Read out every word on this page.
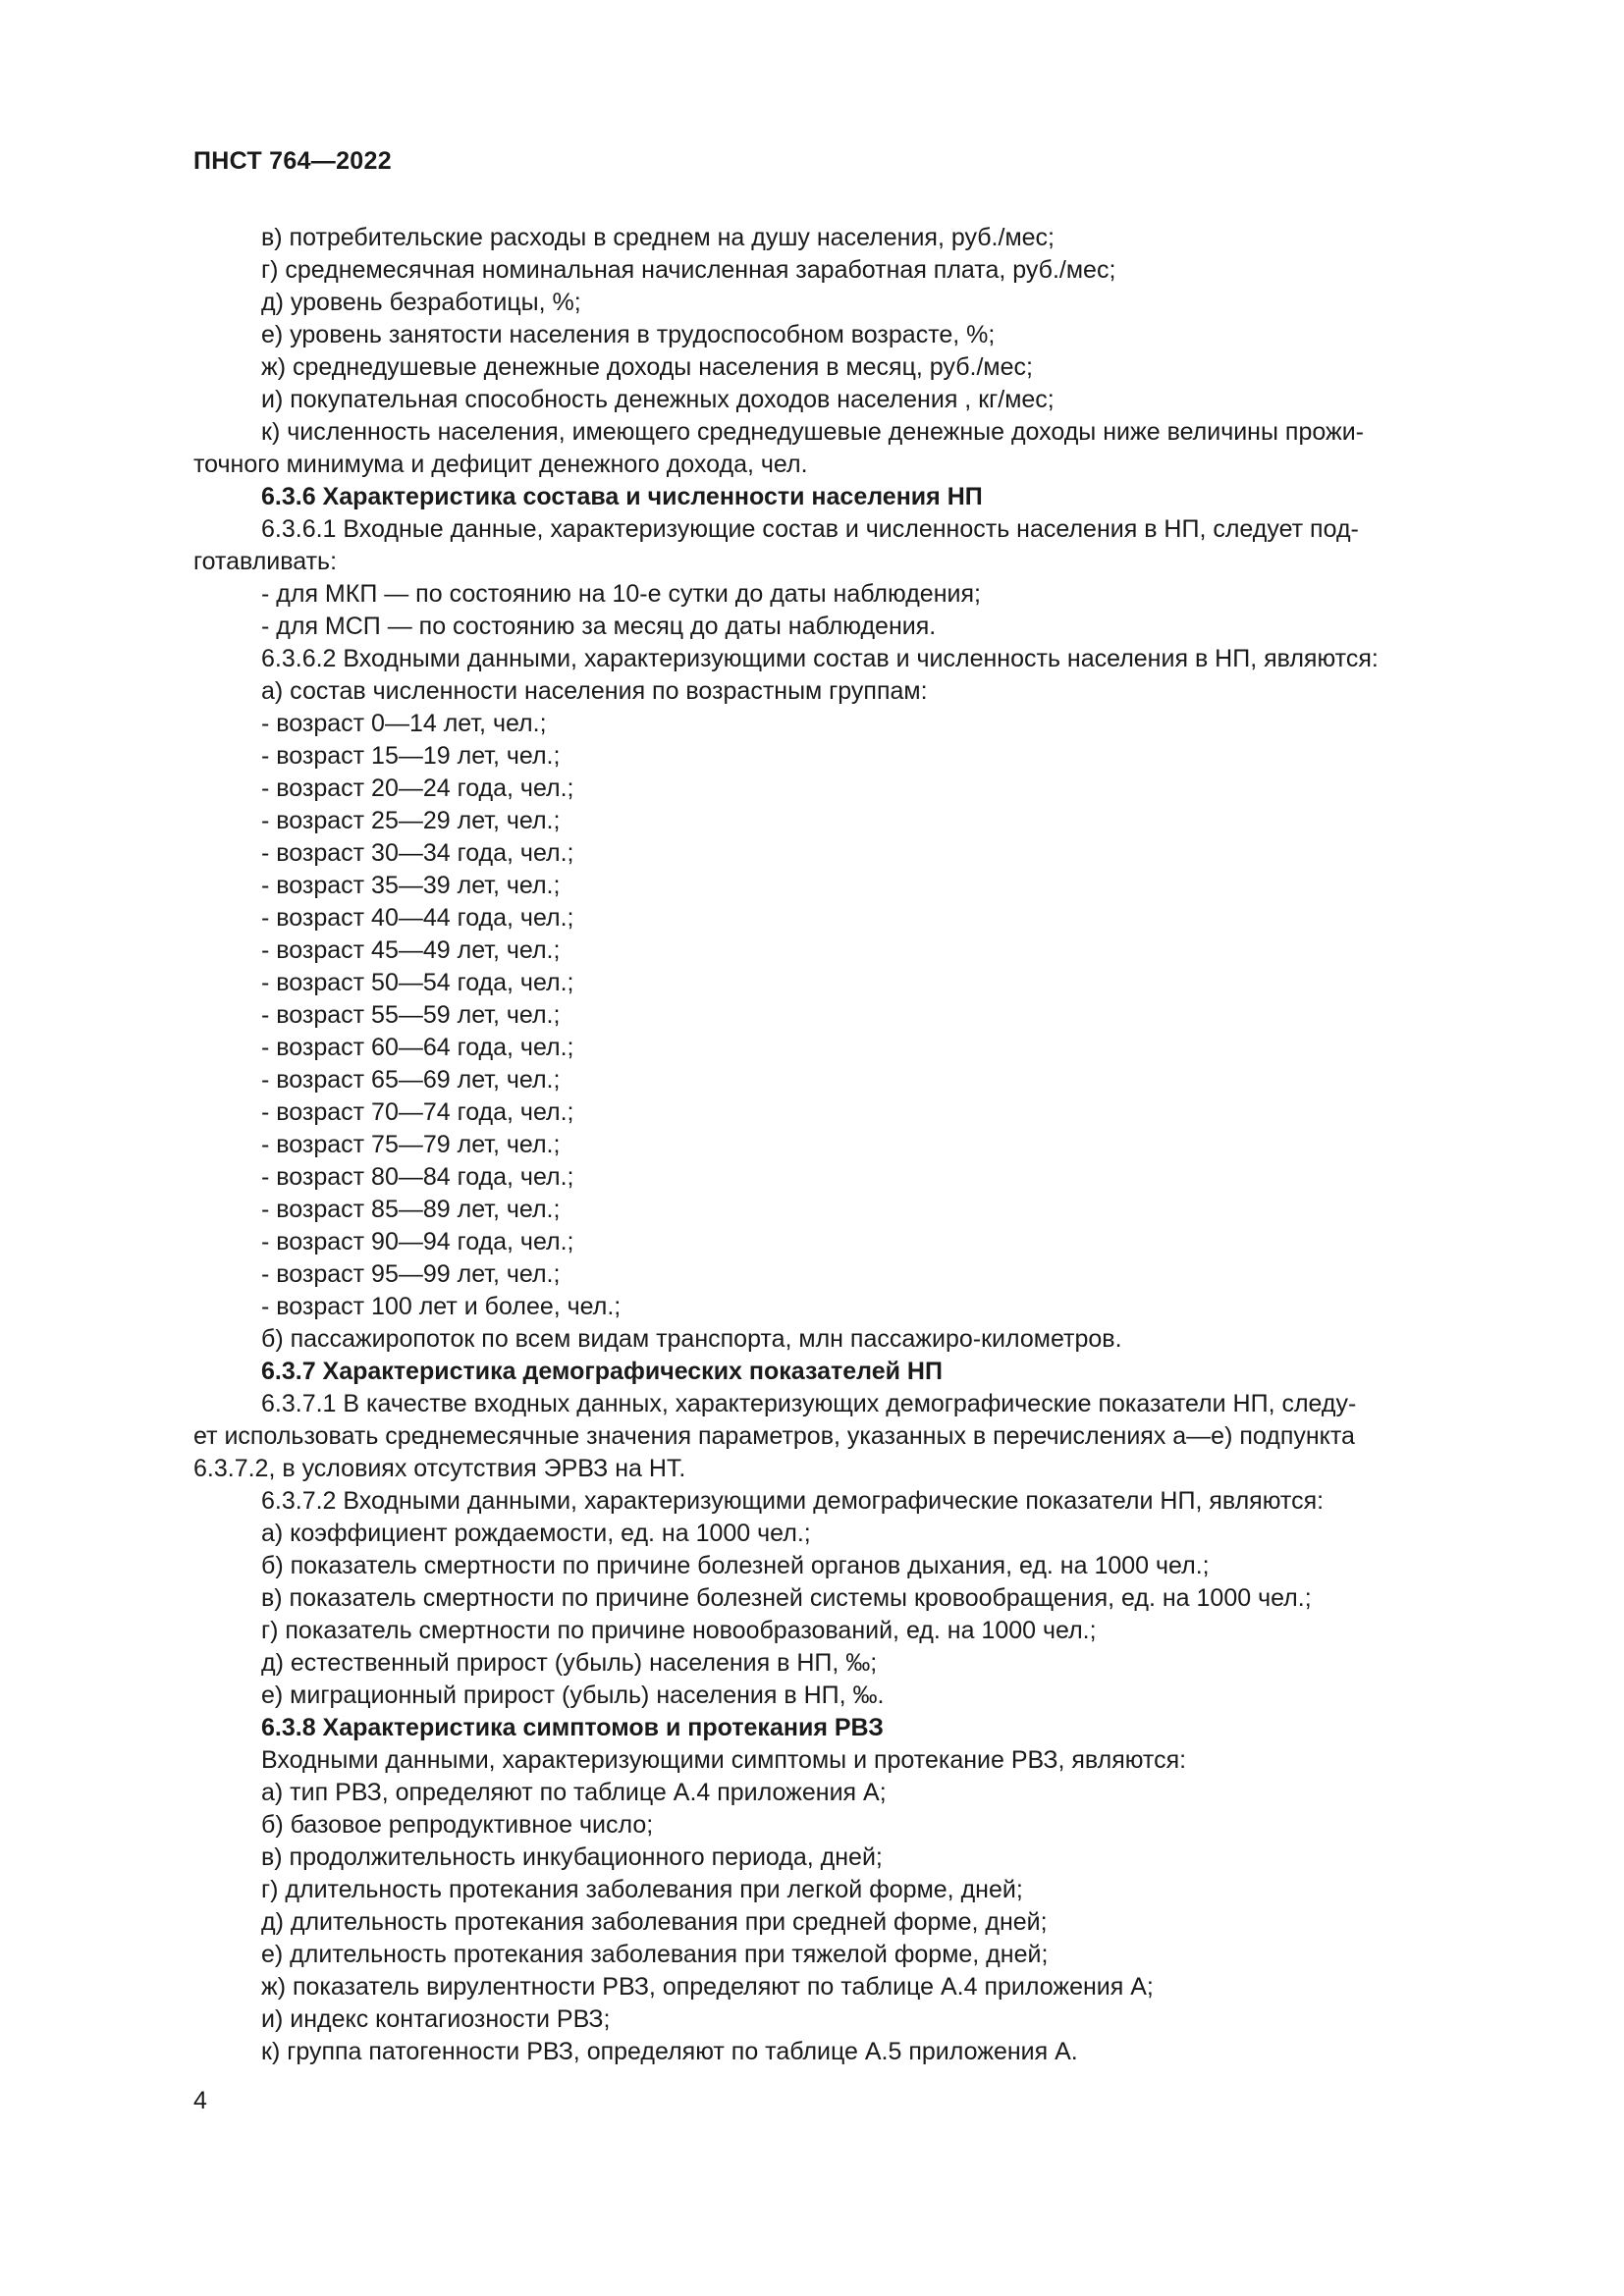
ПНСТ 764—2022
в) потребительские расходы в среднем на душу населения, руб./мес;
г) среднемесячная номинальная начисленная заработная плата, руб./мес;
д) уровень безработицы, %;
е) уровень занятости населения в трудоспособном возрасте, %;
ж) среднедушевые денежные доходы населения в месяц, руб./мес;
и) покупательная способность денежных доходов населения , кг/мес;
к) численность населения, имеющего среднедушевые денежные доходы ниже величины прожи-
точного минимума и дефицит денежного дохода, чел.
6.3.6 Характеристика состава и численности населения НП
6.3.6.1 Входные данные, характеризующие состав и численность населения в НП, следует под-
готавливать:
- для МКП — по состоянию на 10-е сутки до даты наблюдения;
- для МСП — по состоянию за месяц до даты наблюдения.
6.3.6.2 Входными данными, характеризующими состав и численность населения в НП, являются:
а) состав численности населения по возрастным группам:
- возраст 0—14 лет, чел.;
- возраст 15—19 лет, чел.;
- возраст 20—24 года, чел.;
- возраст 25—29 лет, чел.;
- возраст 30—34 года, чел.;
- возраст 35—39 лет, чел.;
- возраст 40—44 года, чел.;
- возраст 45—49 лет, чел.;
- возраст 50—54 года, чел.;
- возраст 55—59 лет, чел.;
- возраст 60—64 года, чел.;
- возраст 65—69 лет, чел.;
- возраст 70—74 года, чел.;
- возраст 75—79 лет, чел.;
- возраст 80—84 года, чел.;
- возраст 85—89 лет, чел.;
- возраст 90—94 года, чел.;
- возраст 95—99 лет, чел.;
- возраст 100 лет и более, чел.;
б) пассажиропоток по всем видам транспорта, млн пассажиро-километров.
6.3.7 Характеристика демографических показателей НП
6.3.7.1 В качестве входных данных, характеризующих демографические показатели НП, следу-
ет использовать среднемесячные значения параметров, указанных в перечислениях а—е) подпункта
6.3.7.2, в условиях отсутствия ЭРВЗ на НТ.
6.3.7.2 Входными данными, характеризующими демографические показатели НП, являются:
а) коэффициент рождаемости, ед. на 1000 чел.;
б) показатель смертности по причине болезней органов дыхания, ед. на 1000 чел.;
в) показатель смертности по причине болезней системы кровообращения, ед. на 1000 чел.;
г) показатель смертности по причине новообразований, ед. на 1000 чел.;
д) естественный прирост (убыль) населения в НП, ‰;
е) миграционный прирост (убыль) населения в НП, ‰.
6.3.8 Характеристика симптомов и протекания РВЗ
Входными данными, характеризующими симптомы и протекание РВЗ, являются:
а) тип РВЗ, определяют по таблице А.4 приложения А;
б) базовое репродуктивное число;
в) продолжительность инкубационного периода, дней;
г) длительность протекания заболевания при легкой форме, дней;
д) длительность протекания заболевания при средней форме, дней;
е) длительность протекания заболевания при тяжелой форме, дней;
ж) показатель вирулентности РВЗ, определяют по таблице А.4 приложения А;
и) индекс контагиозности РВЗ;
к) группа патогенности РВЗ, определяют по таблице А.5 приложения А.
4
